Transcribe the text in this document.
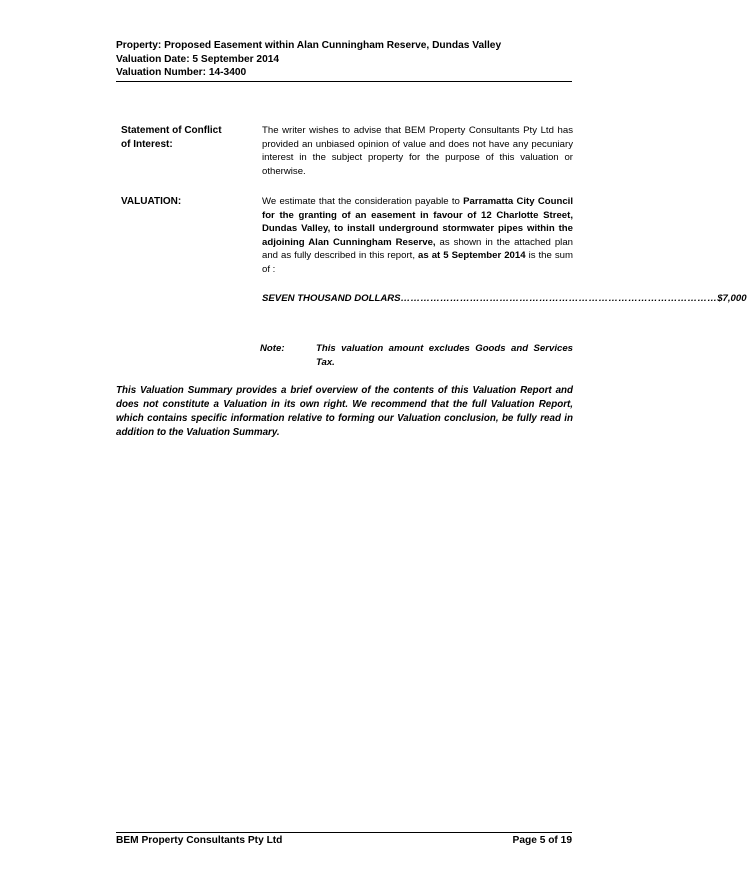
Property: Proposed Easement within Alan Cunningham Reserve, Dundas Valley
Valuation Date: 5 September 2014
Valuation Number: 14-3400
Statement of Conflict
of Interest:
The writer wishes to advise that BEM Property Consultants Pty Ltd has provided an unbiased opinion of value and does not have any pecuniary interest in the subject property for the purpose of this valuation or otherwise.
VALUATION:	We estimate that the consideration payable to Parramatta City Council for the granting of an easement in favour of 12 Charlotte Street, Dundas Valley, to install underground stormwater pipes within the adjoining Alan Cunningham Reserve, as shown in the attached plan and as fully described in this report, as at 5 September 2014 is the sum of :
SEVEN THOUSAND DOLLARS …………………………………………………………………………………… $7,000
Note:	This valuation amount excludes Goods and Services Tax.
This Valuation Summary provides a brief overview of the contents of this Valuation Report and does not constitute a Valuation in its own right. We recommend that the full Valuation Report, which contains specific information relative to forming our Valuation conclusion, be fully read in addition to the Valuation Summary.
BEM Property Consultants Pty Ltd	Page 5 of 19
